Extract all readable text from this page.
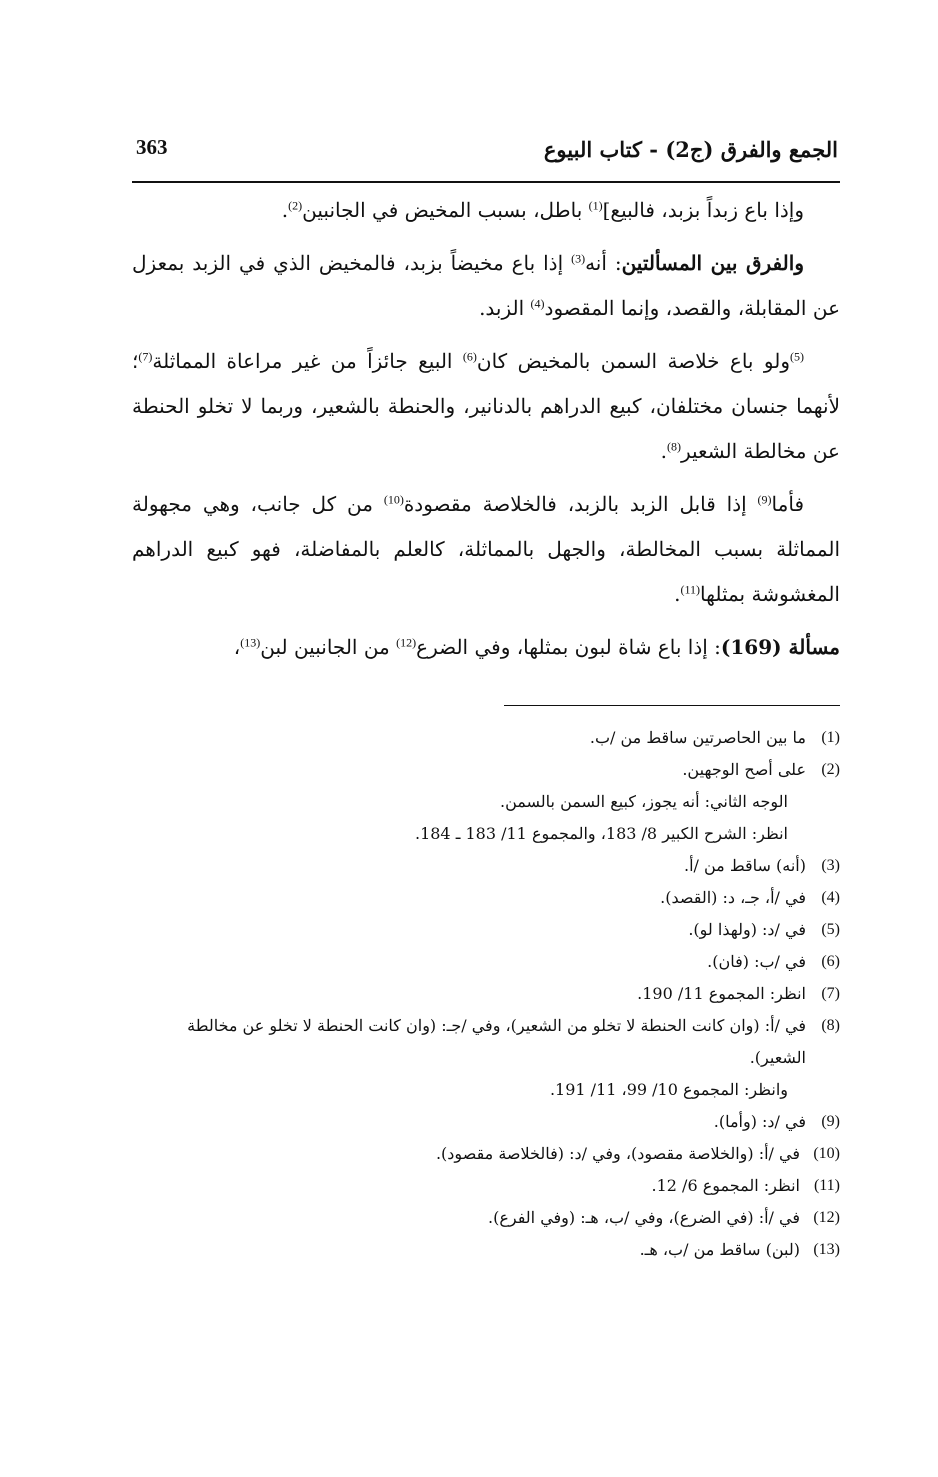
363	الجمع والفرق (ج2) - كتاب البيوع

وإذا باع زبداً بزبد، فالبيع]$^{(1)}$ باطل، بسبب المخيض في الجانبين$^{(2)}$.

والفرق بين المسألتين: أنه$^{(3)}$ إذا باع مخيضاً بزبد، فالمخيض الذي في الزبد بمعزل عن المقابلة، والقصد، وإنما المقصود$^{(4)}$ الزبد.

$^{(5)}$ولو باع خلاصة السمن بالمخيض كان$^{(6)}$ البيع جائزاً من غير مراعاة المماثلة$^{(7)}$؛ لأنهما جنسان مختلفان، كبيع الدراهم بالدنانير، والحنطة بالشعير، وربما لا تخلو الحنطة عن مخالطة الشعير$^{(8)}$.

فأما$^{(9)}$ إذا قابل الزبد بالزبد، فالخلاصة مقصودة$^{(10)}$ من كل جانب، وهي مجهولة المماثلة بسبب المخالطة، والجهل بالمماثلة، كالعلم بالمفاضلة، فهو كبيع الدراهم المغشوشة بمثلها$^{(11)}$.

مسألة (169): إذا باع شاة لبون بمثلها، وفي الضرع$^{(12)}$ من الجانبين لبن$^{(13)}$،

(1)
ما بين الحاصرتين ساقط من /ب.
(2)
على أصح الوجهين.
الوجه الثاني: أنه يجوز، كبيع السمن بالسمن.
انظر: الشرح الكبير 8/ 183، والمجموع 11/ 183 ـ 184.
(3)
(أنه) ساقط من /أ.
(4)
في /أ، جـ، د: (القصد).
(5)
في /د: (ولهذا لو).
(6)
في /ب: (فان).
(7)
انظر: المجموع 11/ 190.
(8)
في /أ: (وان كانت الحنطة لا تخلو من الشعير)، وفي /جـ: (وان كانت الحنطة لا تخلو عن مخالطة الشعير).
وانظر: المجموع 10/ 99، 11/ 191.
(9)
في /د: (وأما).
(10)
في /أ: (والخلاصة مقصود)، وفي /د: (فالخلاصة مقصود).
(11)
انظر: المجموع 6/ 12.
(12)
في /أ: (في الضرع)، وفي /ب، هـ: (وفي الفرع).
(13)
(لبن) ساقط من /ب، هـ.
